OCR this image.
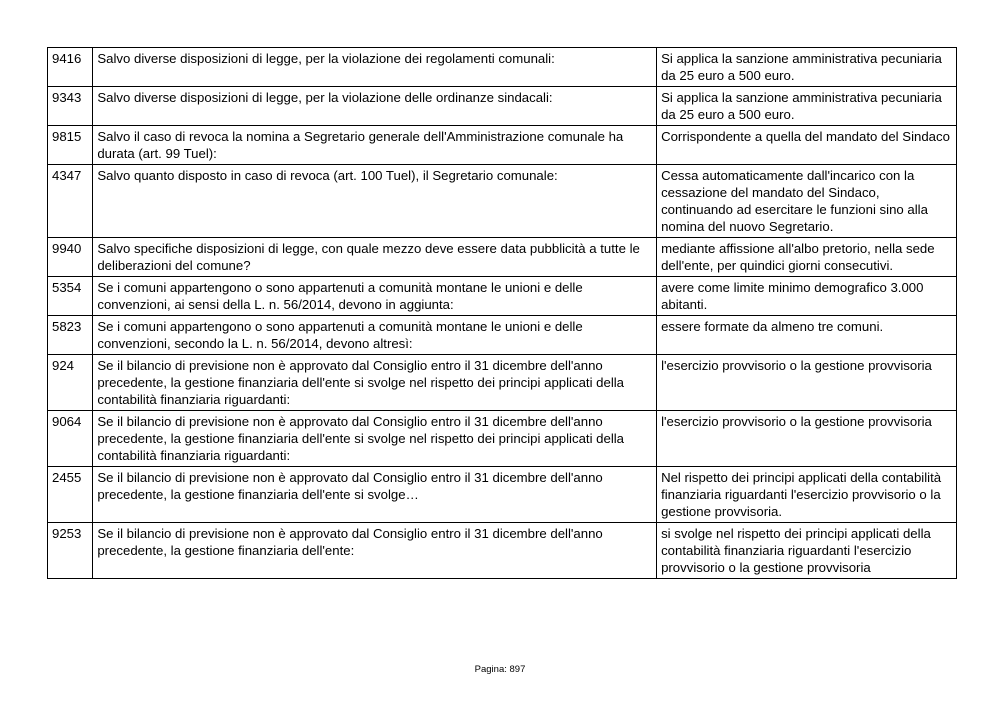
9416	Salvo diverse disposizioni di legge, per la violazione dei regolamenti comunali:	Si applica la sanzione amministrativa pecuniaria da 25 euro a 500 euro.
9343	Salvo diverse disposizioni di legge, per la violazione delle ordinanze sindacali:	Si applica la sanzione amministrativa pecuniaria da 25 euro a 500 euro.
9815	Salvo il caso di revoca la nomina a Segretario generale dell'Amministrazione comunale ha durata (art. 99 Tuel):	Corrispondente a quella del mandato del Sindaco
4347	Salvo quanto disposto in caso di revoca (art. 100 Tuel), il Segretario comunale:	Cessa automaticamente dall'incarico con la cessazione del mandato del Sindaco, continuando ad esercitare le funzioni sino alla nomina del nuovo Segretario.
9940	Salvo specifiche disposizioni di legge, con quale mezzo deve essere data pubblicità a tutte le deliberazioni del comune?	mediante affissione all'albo pretorio, nella sede dell'ente, per quindici giorni consecutivi.
5354	Se i comuni appartengono o sono appartenuti a comunità montane le unioni e delle convenzioni, ai sensi della L. n. 56/2014, devono in aggiunta:	avere come limite minimo demografico 3.000 abitanti.
5823	Se i comuni appartengono o sono appartenuti a comunità montane le unioni e delle convenzioni, secondo la L. n. 56/2014, devono altresì:	essere formate da almeno tre comuni.
924	Se il bilancio di previsione non è approvato dal Consiglio entro il 31 dicembre dell'anno precedente, la gestione finanziaria dell'ente si svolge nel rispetto dei principi applicati della contabilità finanziaria riguardanti:	l'esercizio provvisorio o la gestione provvisoria
9064	Se il bilancio di previsione non è approvato dal Consiglio entro il 31 dicembre dell'anno precedente, la gestione finanziaria dell'ente si svolge nel rispetto dei principi applicati della contabilità finanziaria riguardanti:	l'esercizio provvisorio o la gestione provvisoria
2455	Se il bilancio di previsione non è approvato dal Consiglio entro il 31 dicembre dell'anno precedente, la gestione finanziaria dell'ente si svolge…	Nel rispetto dei principi applicati della contabilità finanziaria riguardanti l'esercizio provvisorio o la gestione provvisoria.
9253	Se il bilancio di previsione non è approvato dal Consiglio entro il 31 dicembre dell'anno precedente, la gestione finanziaria dell'ente:	si svolge nel rispetto dei principi applicati della contabilità finanziaria riguardanti l'esercizio provvisorio o la gestione provvisoria
Pagina: 897
